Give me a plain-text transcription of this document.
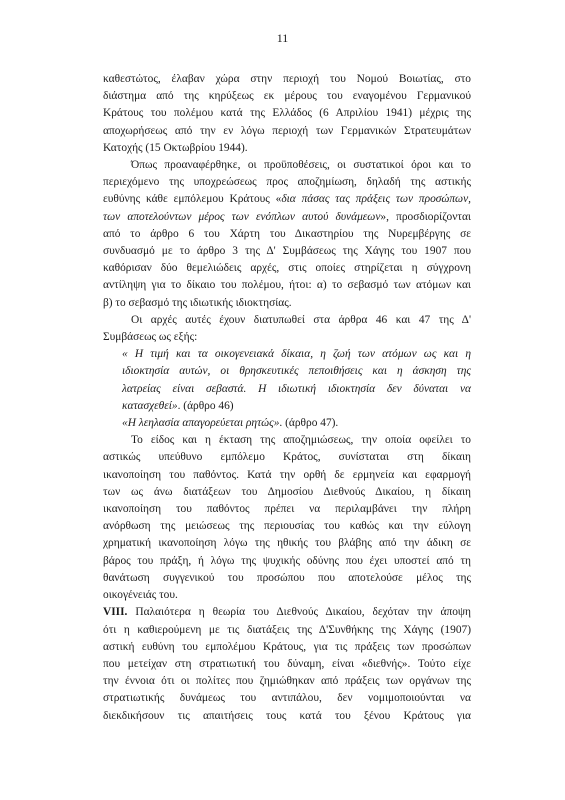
11

καθεστώτος, έλαβαν χώρα στην περιοχή του Νομού Βοιωτίας, στο
διάστημα από της κηρύξεως εκ μέρους του εναγομένου Γερμανικού
Κράτους του πολέμου κατά της Ελλάδος (6 Απριλίου 1941) μέχρις της
αποχωρήσεως από την εν λόγω περιοχή των Γερμανικών Στρατευμάτων
Κατοχής (15 Οκτωβρίου 1944).

Όπως προαναφέρθηκε, οι προϋποθέσεις, οι συστατικοί όροι και το
περιεχόμενο της υποχρεώσεως προς αποζημίωση, δηλαδή της αστικής
ευθύνης κάθε εμπόλεμου Κράτους «δια πάσας τας πράξεις των προσώπων,
των αποτελούντων μέρος των ενόπλων αυτού δυνάμεων», προσδιορίζονται
από το άρθρο 6 του Χάρτη του Δικαστηρίου της Νυρεμβέργης σε
συνδυασμό με το άρθρο 3 της Δ' Συμβάσεως της Χάγης του 1907 που
καθόρισαν δύο θεμελιώδεις αρχές, στις οποίες στηρίζεται η σύγχρονη
αντίληψη για το δίκαιο του πολέμου, ήτοι: α) το σεβασμό των ατόμων και
β) το σεβασμό της ιδιωτικής ιδιοκτησίας.

Οι αρχές αυτές έχουν διατυπωθεί στα άρθρα 46 και 47 της Δ'
Συμβάσεως ως εξής:

« Η τιμή και τα οικογενειακά δίκαια, η ζωή των ατόμων ως και η
ιδιοκτησία αυτών, οι θρησκευτικές πεποιθήσεις και η άσκηση της
λατρείας είναι σεβαστά. Η ιδιωτική ιδιοκτησία δεν δύναται να
κατασχεθεί». (άρθρο 46)

«Η λεηλασία απαγορεύεται ρητώς». (άρθρο 47).

Το είδος και η έκταση της αποζημιώσεως, την οποία οφείλει το
αστικώς υπεύθυνο εμπόλεμο Κράτος, συνίσταται στη δίκαιη
ικανοποίηση του παθόντος. Κατά την ορθή δε ερμηνεία και εφαρμογή
των ως άνω διατάξεων του Δημοσίου Διεθνούς Δικαίου, η δίκαιη
ικανοποίηση του παθόντος πρέπει να περιλαμβάνει την πλήρη
ανόρθωση της μειώσεως της περιουσίας του καθώς και την εύλογη
χρηματική ικανοποίηση λόγω της ηθικής του βλάβης από την άδικη σε
βάρος του πράξη, ή λόγω της ψυχικής οδύνης που έχει υποστεί από τη
θανάτωση συγγενικού του προσώπου που αποτελούσε μέλος της
οικογένειάς του.

VIII. Παλαιότερα η θεωρία του Διεθνούς Δικαίου, δεχόταν την άποψη
ότι η καθιερούμενη με τις διατάξεις της Δ'Συνθήκης της Χάγης (1907)
αστική ευθύνη του εμπολέμου Κράτους, για τις πράξεις των προσώπων
που μετείχαν στη στρατιωτική του δύναμη, είναι «διεθνής». Τούτο είχε
την έννοια ότι οι πολίτες που ζημιώθηκαν από πράξεις των οργάνων της
στρατιωτικής δυνάμεως του αντιπάλου, δεν νομιμοποιούνται να
διεκδικήσουν τις απαιτήσεις τους κατά του ξένου Κράτους για
